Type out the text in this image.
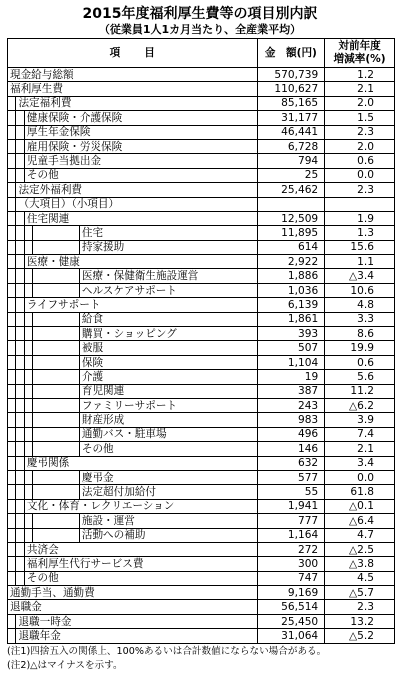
2015年度福利厚生費等の項目別内訳
（従業員1人1カ月当たり、全産業平均）
項 目					金　額(円)	対前年度
増減率(%)
現金給与総額					570,739	1.2
福利厚生費					110,627	2.1
	法定福利費				85,165	2.0
		健康保険・介護保険			31,177	1.5
		厚生年金保険			46,441	2.3
		雇用保険・労災保険			6,728	2.0
		児童手当拠出金			794	0.6
		その他			25	0.0
	法定外福利費				25,462	2.3
	（大項目）（小項目）					
		住宅関連			12,509	1.9
				住宅	11,895	1.3
				持家援助	614	15.6
		医療・健康			2,922	1.1
				医療・保健衛生施設運営	1,886	△3.4
				ヘルスケアサポート	1,036	10.6
		ライフサポート			6,139	4.8
				給食	1,861	3.3
				購買・ショッピング	393	8.6
				被服	507	19.9
				保険	1,104	0.6
				介護	19	5.6
				育児関連	387	11.2
				ファミリーサポート	243	△6.2
				財産形成	983	3.9
				通勤バス・駐車場	496	7.4
				その他	146	2.1
		慶弔関係			632	3.4
				慶弔金	577	0.0
				法定超付加給付	55	61.8
		文化・体育・レクリエーション			1,941	△0.1
				施設・運営	777	△6.4
				活動への補助	1,164	4.7
		共済会			272	△2.5
		福利厚生代行サービス費			300	△3.8
		その他			747	4.5
通勤手当、通勤費					9,169	△5.7
退職金					56,514	2.3
	退職一時金				25,450	13.2
	退職年金				31,064	△5.2
(注1)四捨五入の関係上、100%あるいは合計数値にならない場合がある。
(注2)△はマイナスを示す。
